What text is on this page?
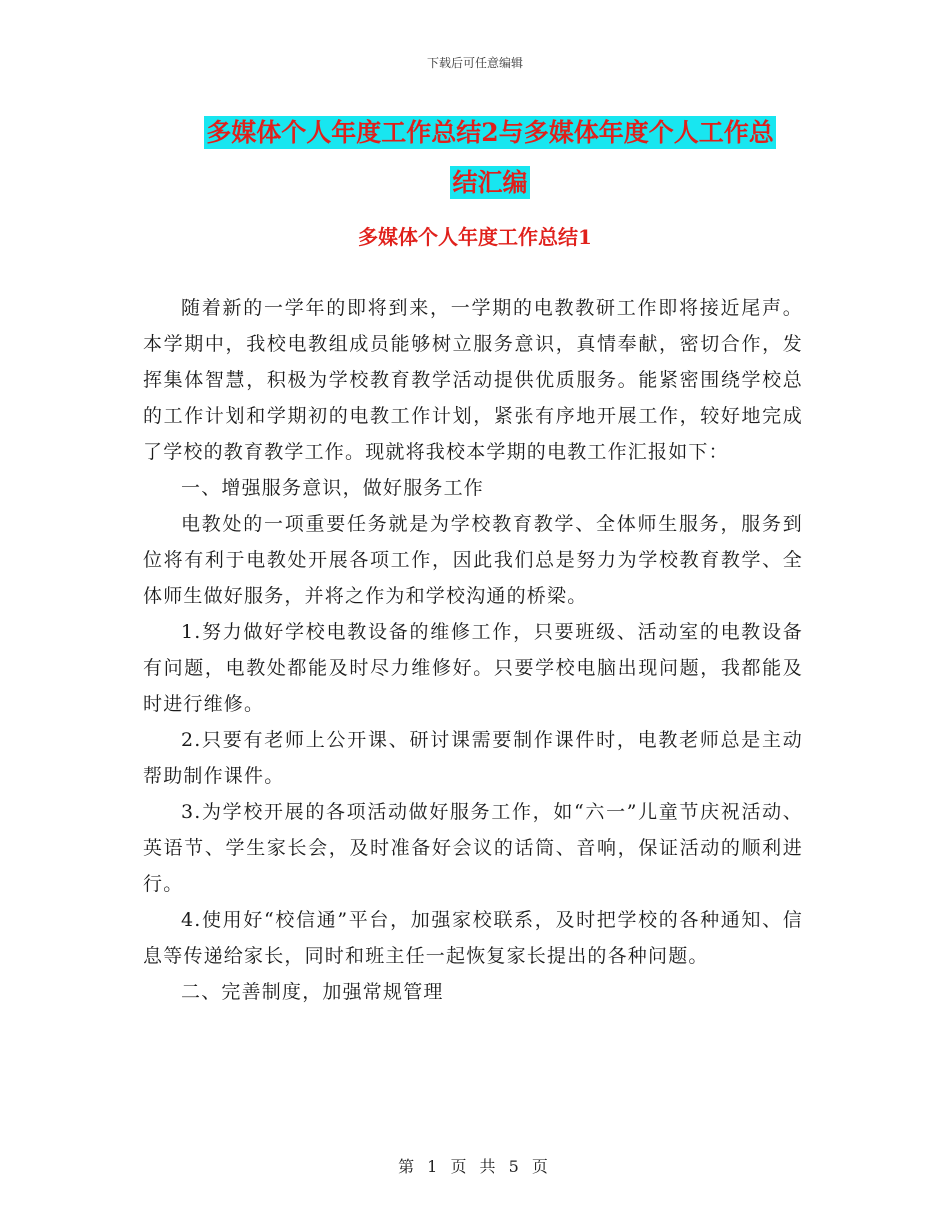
下载后可任意编辑
多媒体个人年度工作总结2与多媒体年度个人工作总
结汇编
多媒体个人年度工作总结1

随着新的一学年的即将到来，一学期的电教教研工作即将接近尾声。本学期中，我校电教组成员能够树立服务意识，真情奉献，密切合作，发挥集体智慧，积极为学校教育教学活动提供优质服务。能紧密围绕学校总的工作计划和学期初的电教工作计划，紧张有序地开展工作，较好地完成了学校的教育教学工作。现就将我校本学期的电教工作汇报如下：

一、增强服务意识，做好服务工作

电教处的一项重要任务就是为学校教育教学、全体师生服务，服务到位将有利于电教处开展各项工作，因此我们总是努力为学校教育教学、全体师生做好服务，并将之作为和学校沟通的桥梁。

1.努力做好学校电教设备的维修工作，只要班级、活动室的电教设备有问题，电教处都能及时尽力维修好。只要学校电脑出现问题，我都能及时进行维修。

2.只要有老师上公开课、研讨课需要制作课件时，电教老师总是主动帮助制作课件。

3.为学校开展的各项活动做好服务工作，如“六一”儿童节庆祝活动、英语节、学生家长会，及时准备好会议的话筒、音响，保证活动的顺利进行。

4.使用好“校信通”平台，加强家校联系，及时把学校的各种通知、信息等传递给家长，同时和班主任一起恢复家长提出的各种问题。

二、完善制度，加强常规管理

第 1 页 共 5 页
